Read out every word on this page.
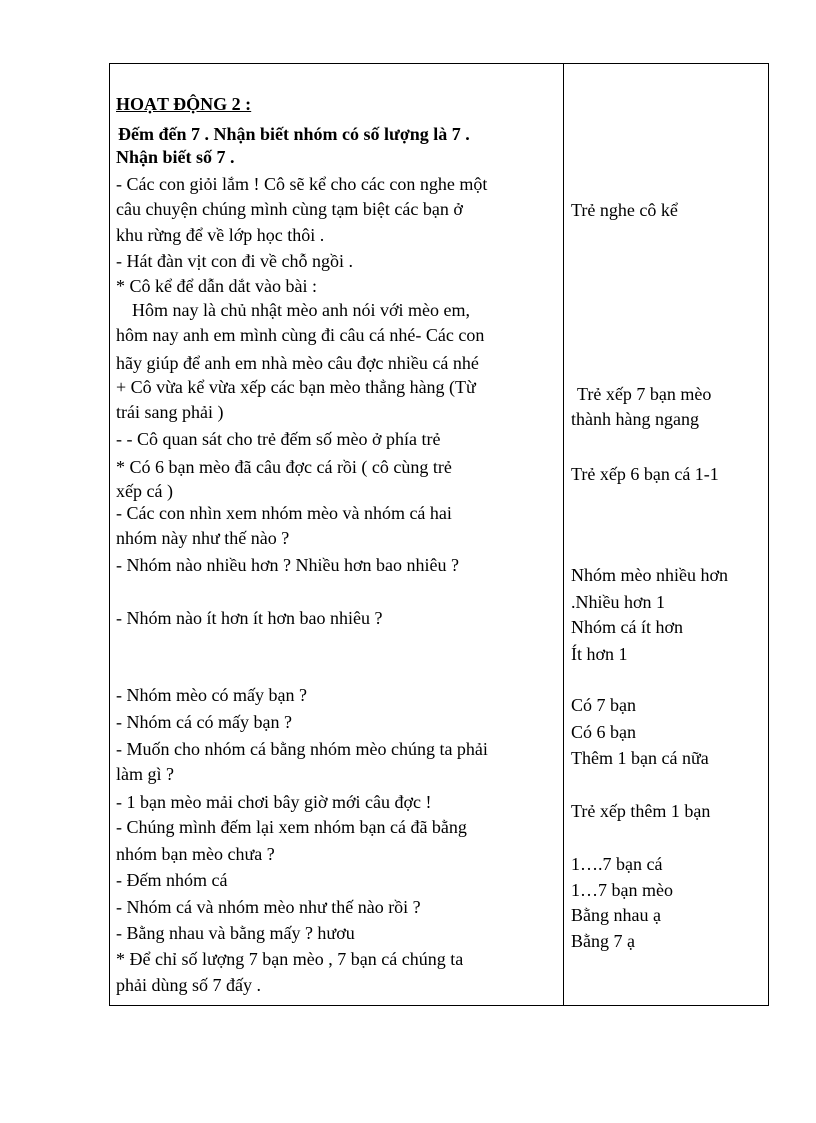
HOẠT ĐỘNG 2 :
Đếm đến 7 . Nhận biết nhóm có số lượng là 7 .
Nhận biết số 7 .
- Các con giỏi lắm ! Cô sẽ kể cho các con nghe một
câu chuyện chúng mình cùng tạm biệt các bạn ở
khu rừng để về lớp học thôi .
- Hát đàn vịt con đi về chỗ ngồi .
* Cô kể để dẫn dắt vào bài :
Hôm nay là chủ nhật mèo anh nói với mèo em,
hôm nay anh em mình cùng đi câu cá nhé- Các con
hãy giúp để anh em nhà mèo câu đợc nhiều cá nhé
+ Cô vừa kể vừa xếp các bạn mèo thẳng hàng (Từ
trái sang phải )
- - Cô quan sát cho trẻ đếm số mèo ở phía trẻ
* Có 6 bạn mèo đã câu đợc cá rồi ( cô cùng trẻ
xếp cá )
- Các con nhìn xem nhóm mèo và nhóm cá hai
nhóm này như thế nào ?
- Nhóm nào nhiều hơn ? Nhiều hơn bao nhiêu ?
- Nhóm nào ít hơn ít hơn bao nhiêu ?
- Nhóm mèo có mấy bạn ?
- Nhóm cá có mấy bạn ?
- Muốn cho nhóm cá bằng nhóm mèo chúng ta phải
làm gì ?
- 1 bạn mèo mải chơi bây giờ mới câu đợc !
- Chúng mình đếm lại xem nhóm bạn cá đã bằng
nhóm bạn mèo chưa ?
- Đếm nhóm cá
- Nhóm cá và nhóm mèo như thế nào rồi ?
- Bằng nhau và bằng mấy ? hươu
* Để chỉ số lượng 7 bạn mèo , 7 bạn cá chúng ta
phải dùng số 7 đấy .
Trẻ nghe cô kể
Trẻ xếp 7 bạn mèo
thành hàng ngang
Trẻ xếp 6 bạn cá 1-1
Nhóm mèo nhiều hơn
.Nhiều hơn 1
Nhóm cá ít hơn
Ít hơn 1
Có 7 bạn
Có 6 bạn
Thêm 1 bạn cá nữa
Trẻ xếp thêm 1 bạn
1….7 bạn cá
1…7 bạn mèo
Bằng nhau ạ
Bằng 7 ạ
